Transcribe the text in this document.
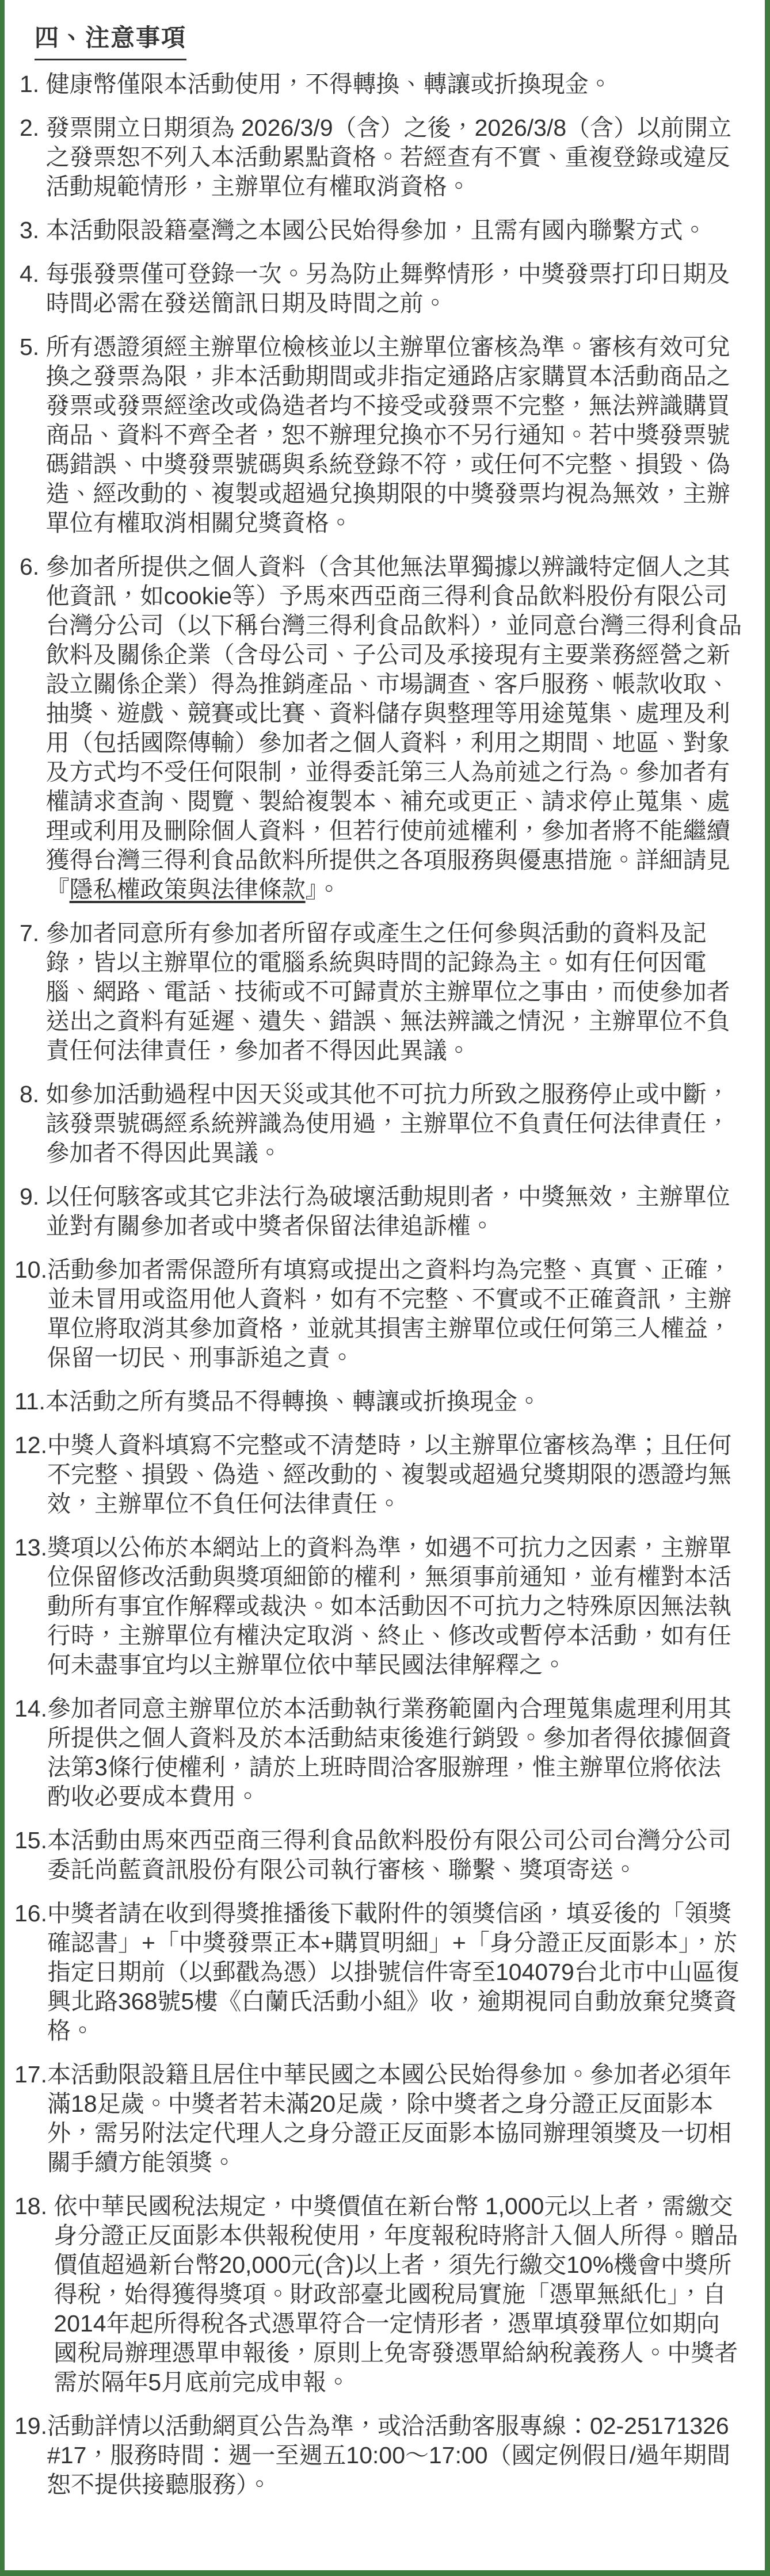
四、注意事項
1. 健康幣僅限本活動使用，不得轉換、轉讓或折換現金。
2. 發票開立日期須為 2026/3/9（含）之後，2026/3/8（含）以前開立之發票恕不列入本活動累點資格。若經查有不實、重複登錄或違反活動規範情形，主辦單位有權取消資格。
3. 本活動限設籍臺灣之本國公民始得參加，且需有國內聯繫方式。
4. 每張發票僅可登錄一次。另為防止舞弊情形，中獎發票打印日期及時間必需在發送簡訊日期及時間之前。
5. 所有憑證須經主辦單位檢核並以主辦單位審核為準。審核有效可兌換之發票為限，非本活動期間或非指定通路店家購買本活動商品之發票或發票經塗改或偽造者均不接受或發票不完整，無法辨識購買商品、資料不齊全者，恕不辦理兌換亦不另行通知。若中獎發票號碼錯誤、中獎發票號碼與系統登錄不符，或任何不完整、損毀、偽造、經改動的、複製或超過兌換期限的中獎發票均視為無效，主辦單位有權取消相關兌獎資格。
6. 參加者所提供之個人資料（含其他無法單獨據以辨識特定個人之其他資訊，如cookie等）予馬來西亞商三得利食品飲料股份有限公司台灣分公司（以下稱台灣三得利食品飲料），並同意台灣三得利食品飲料及關係企業（含母公司、子公司及承接現有主要業務經營之新設立關係企業）得為推銷產品、市場調查、客戶服務、帳款收取、抽獎、遊戲、競賽或比賽、資料儲存與整理等用途蒐集、處理及利用（包括國際傳輸）參加者之個人資料，利用之期間、地區、對象及方式均不受任何限制，並得委託第三人為前述之行為。參加者有權請求查詢、閱覽、製給複製本、補充或更正、請求停止蒐集、處理或利用及刪除個人資料，但若行使前述權利，參加者將不能繼續獲得台灣三得利食品飲料所提供之各項服務與優惠措施。詳細請見『隱私權政策與法律條款』。
7. 參加者同意所有參加者所留存或產生之任何參與活動的資料及記錄，皆以主辦單位的電腦系統與時間的記錄為主。如有任何因電腦、網路、電話、技術或不可歸責於主辦單位之事由，而使參加者送出之資料有延遲、遺失、錯誤、無法辨識之情況，主辦單位不負責任何法律責任，參加者不得因此異議。
8. 如參加活動過程中因天災或其他不可抗力所致之服務停止或中斷，該發票號碼經系統辨識為使用過，主辦單位不負責任何法律責任，參加者不得因此異議。
9. 以任何駭客或其它非法行為破壞活動規則者，中獎無效，主辦單位並對有關參加者或中獎者保留法律追訴權。
10. 活動參加者需保證所有填寫或提出之資料均為完整、真實、正確，並未冒用或盜用他人資料，如有不完整、不實或不正確資訊，主辦單位將取消其參加資格，並就其損害主辦單位或任何第三人權益，保留一切民、刑事訴追之責。
11. 本活動之所有獎品不得轉換、轉讓或折換現金。
12. 中獎人資料填寫不完整或不清楚時，以主辦單位審核為準；且任何不完整、損毀、偽造、經改動的、複製或超過兌獎期限的憑證均無效，主辦單位不負任何法律責任。
13. 獎項以公佈於本網站上的資料為準，如遇不可抗力之因素，主辦單位保留修改活動與獎項細節的權利，無須事前通知，並有權對本活動所有事宜作解釋或裁決。如本活動因不可抗力之特殊原因無法執行時，主辦單位有權決定取消、終止、修改或暫停本活動，如有任何未盡事宜均以主辦單位依中華民國法律解釋之。
14. 參加者同意主辦單位於本活動執行業務範圍內合理蒐集處理利用其所提供之個人資料及於本活動結束後進行銷毀。參加者得依據個資法第3條行使權利，請於上班時間洽客服辦理，惟主辦單位將依法酌收必要成本費用。
15. 本活動由馬來西亞商三得利食品飲料股份有限公司公司台灣分公司委託尚藍資訊股份有限公司執行審核、聯繫、獎項寄送。
16. 中獎者請在收到得獎推播後下載附件的領獎信函，填妥後的「領獎確認書」+「中獎發票正本+購買明細」+「身分證正反面影本」，於指定日期前（以郵戳為憑）以掛號信件寄至104079台北市中山區復興北路368號5樓《白蘭氏活動小組》收，逾期視同自動放棄兌獎資格。
17. 本活動限設籍且居住中華民國之本國公民始得參加。參加者必須年滿18足歲。中獎者若未滿20足歲，除中獎者之身分證正反面影本外，需另附法定代理人之身分證正反面影本協同辦理領獎及一切相關手續方能領獎。
18. 依中華民國稅法規定，中獎價值在新台幣 1,000元以上者，需繳交身分證正反面影本供報稅使用，年度報稅時將計入個人所得。贈品價值超過新台幣20,000元(含)以上者，須先行繳交10%機會中獎所得稅，始得獲得獎項。財政部臺北國稅局實施「憑單無紙化」，自2014年起所得稅各式憑單符合一定情形者，憑單填發單位如期向國稅局辦理憑單申報後，原則上免寄發憑單給納稅義務人。中獎者需於隔年5月底前完成申報。
19. 活動詳情以活動網頁公告為準，或洽活動客服專線：02-25171326 #17，服務時間：週一至週五10:00～17:00（國定例假日/過年期間恕不提供接聽服務）。
